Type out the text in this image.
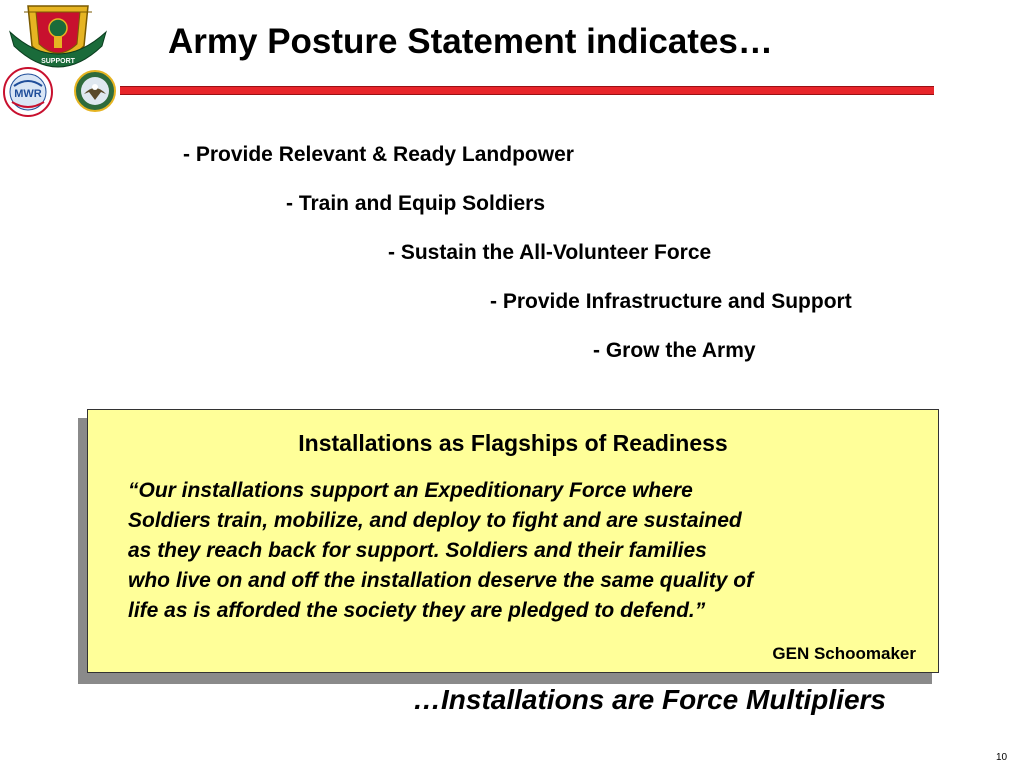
SUPPORT
MWR
Army Posture Statement indicates…

- Provide Relevant & Ready Landpower

- Train and Equip Soldiers

- Sustain the All-Volunteer Force

- Provide Infrastructure and Support

- Grow the Army

Installations as Flagships of Readiness

“Our installations support an Expeditionary Force where
Soldiers train, mobilize, and deploy to fight and are sustained
as they reach back for support. Soldiers and their families
who live on and off the installation deserve the same quality of
life as is afforded the society they are pledged to defend.”

GEN Schoomaker

…Installations are Force Multipliers

10
